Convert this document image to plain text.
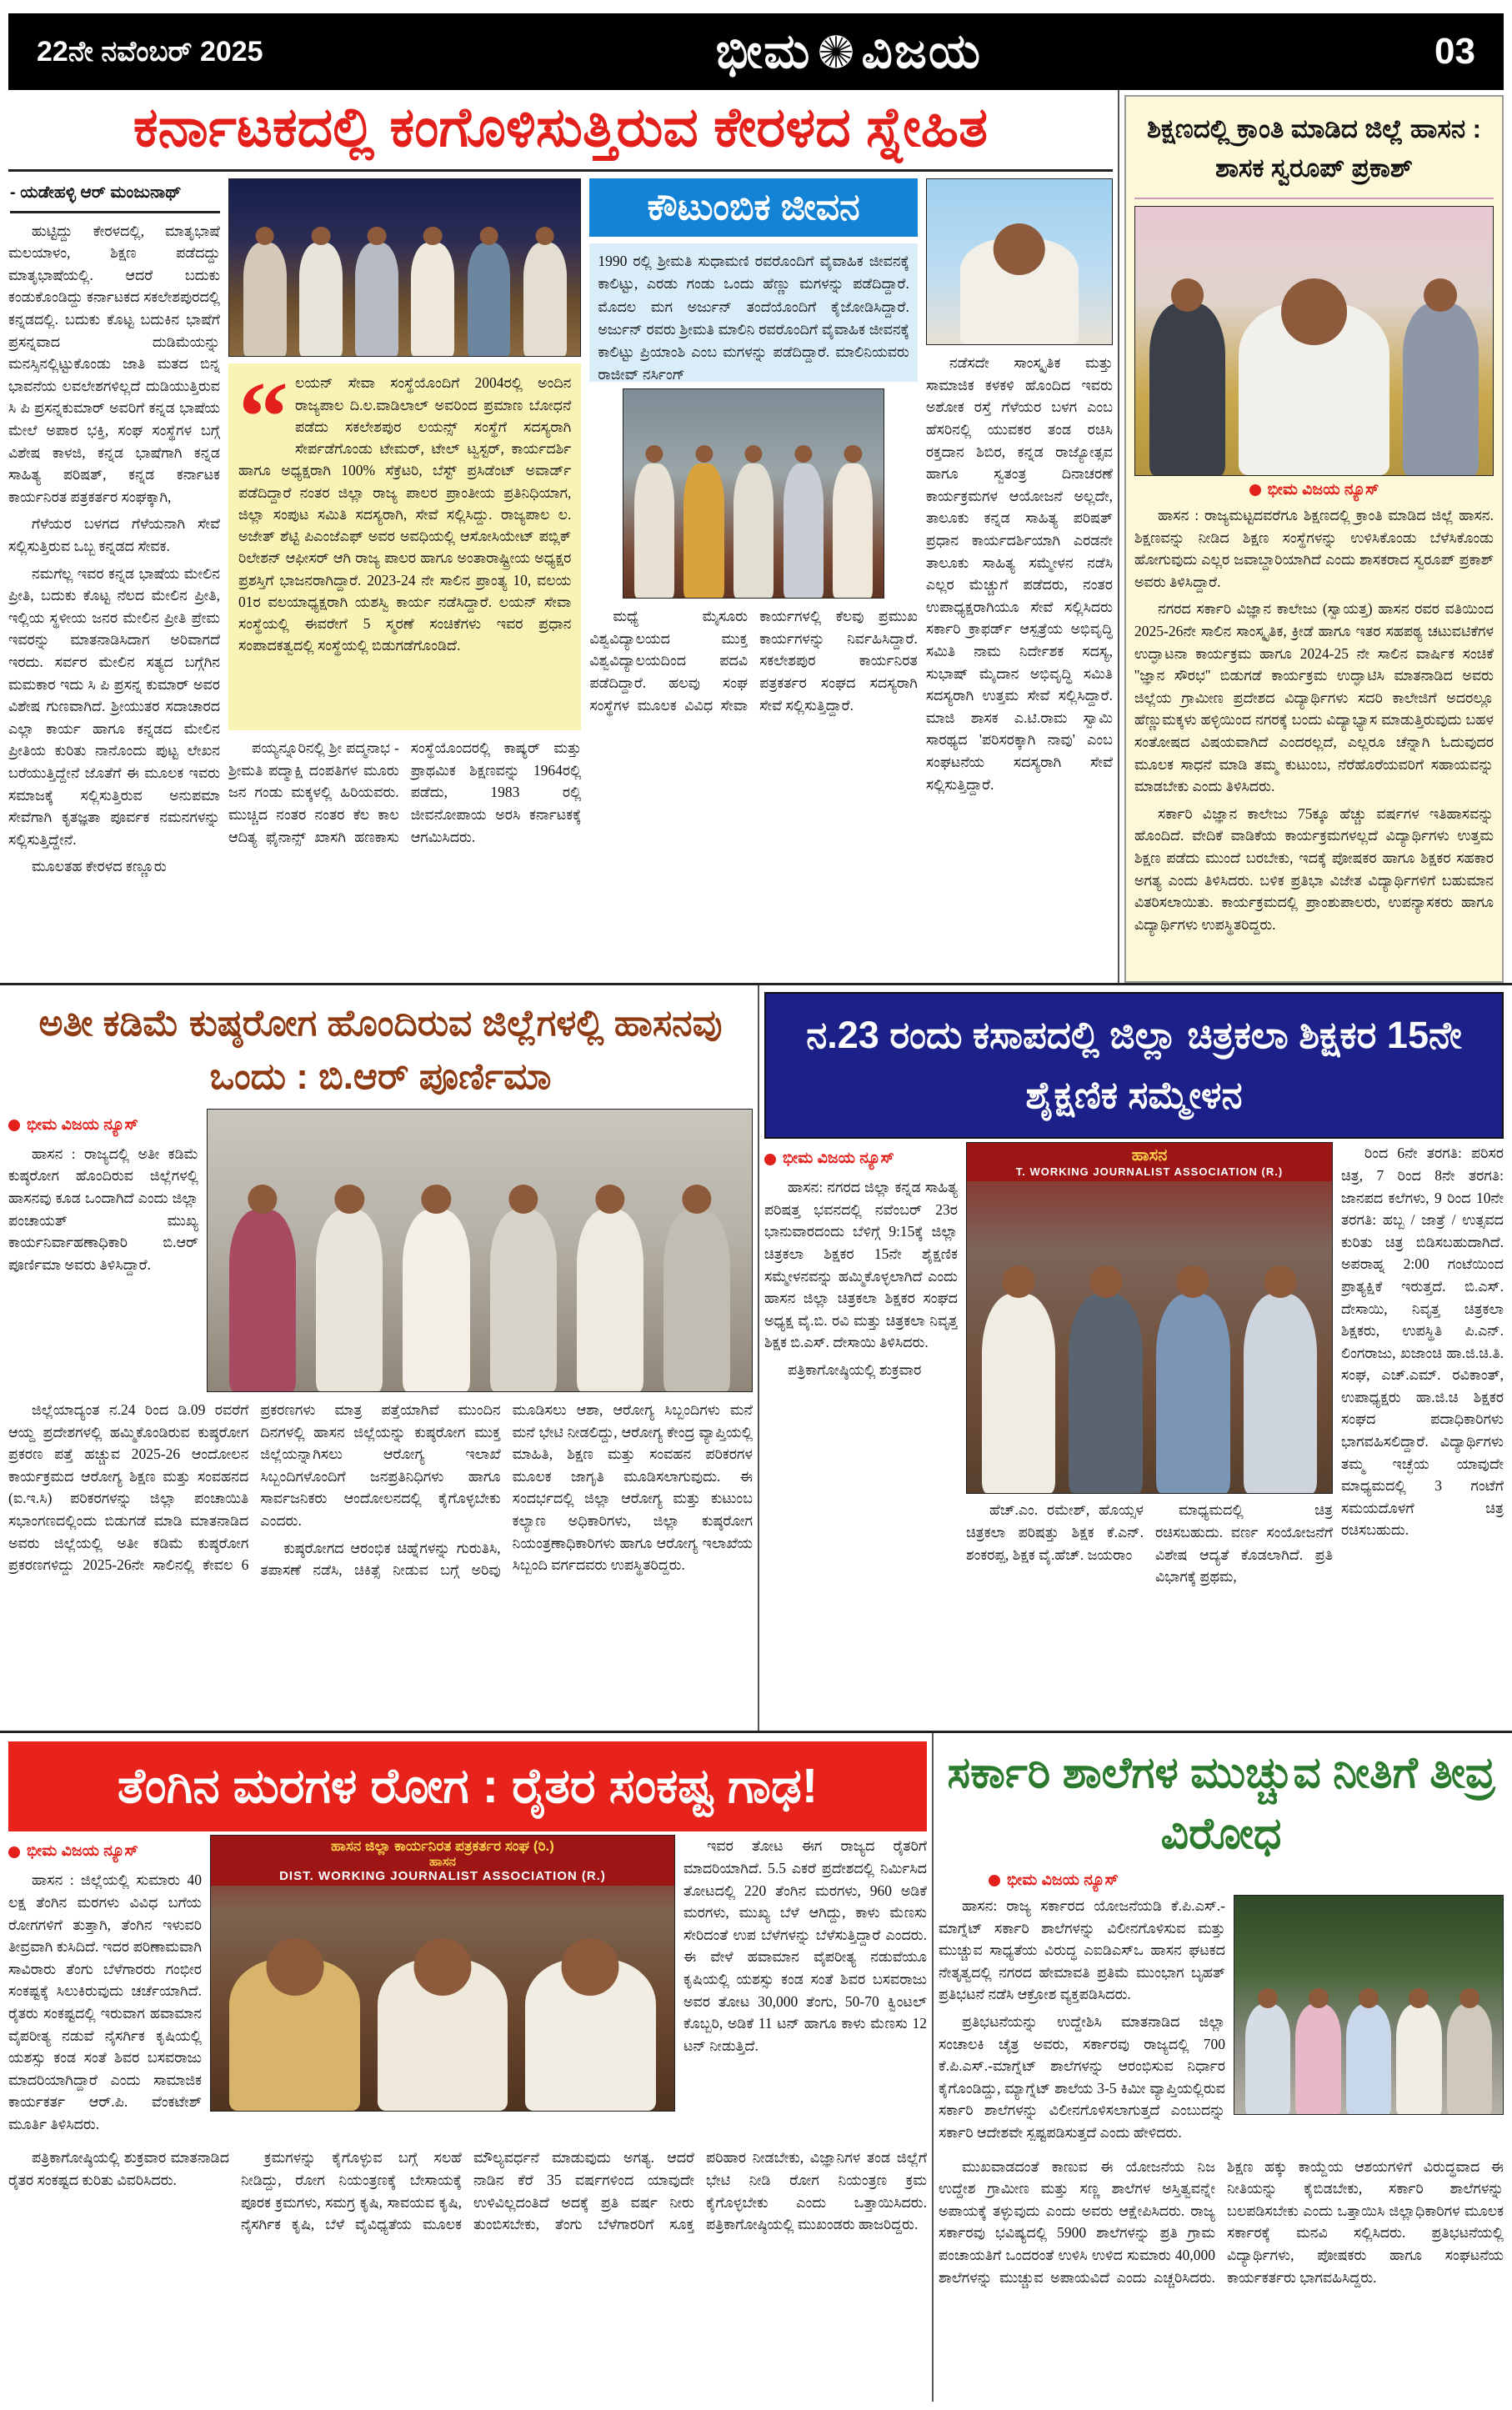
22ನೇ ನವೆಂಬರ್ 2025	ಭೀಮ ವಿಜಯ	03
ಕರ್ನಾಟಕದಲ್ಲಿ ಕಂಗೊಳಿಸುತ್ತಿರುವ ಕೇರಳದ ಸ್ನೇಹಿತ
- ಯಡೇಹಳ್ಳಿ ಆರ್ ಮಂಜುನಾಥ್

ಹುಟ್ಟಿದ್ದು ಕೇರಳದಲ್ಲಿ, ಮಾತೃಭಾಷೆ ಮಲಯಾಳಂ, ಶಿಕ್ಷಣ ಪಡೆದದ್ದು ಮಾತೃಭಾಷೆಯಲ್ಲಿ. ಆದರೆ ಬದುಕು ಕಂಡುಕೊಂಡಿದ್ದು ಕರ್ನಾಟಕದ ಸಕಲೇಶಪುರದಲ್ಲಿ ಕನ್ನಡದಲ್ಲಿ. ಬದುಕು ಕೊಟ್ಟ ಬದುಕಿನ ಭಾಷೆಗೆ ಪ್ರಸನ್ನವಾದ ದುಡಿಮೆಯನ್ನು ಮನಸ್ಸಿನಲ್ಲಿಟ್ಟುಕೊಂಡು ಜಾತಿ ಮತದ ಬಿನ್ನ ಭಾವನೆಯ ಲವಲೇಶಗಳಿಲ್ಲದೆ ದುಡಿಯುತ್ತಿರುವ ಸಿ ಪಿ ಪ್ರಸನ್ನಕುಮಾರ್ ಅವರಿಗೆ ಕನ್ನಡ ಭಾಷೆಯ ಮೇಲೆ ಅಪಾರ ಭಕ್ತಿ, ಸಂಘ ಸಂಸ್ಥೆಗಳ ಬಗ್ಗೆ ವಿಶೇಷ ಕಾಳಜಿ, ಕನ್ನಡ ಭಾಷೆಗಾಗಿ ಕನ್ನಡ ಸಾಹಿತ್ಯ ಪರಿಷತ್, ಕನ್ನಡ ಕರ್ನಾಟಕ ಕಾರ್ಯನಿರತ ಪತ್ರಕರ್ತರ ಸಂಘಕ್ಕಾಗಿ,

ಗೆಳೆಯರ ಬಳಗದ ಗೆಳೆಯನಾಗಿ ಸೇವೆ ಸಲ್ಲಿಸುತ್ತಿರುವ ಒಬ್ಬ ಕನ್ನಡದ ಸೇವಕ.

ನಮಗೆಲ್ಲ ಇವರ ಕನ್ನಡ ಭಾಷೆಯ ಮೇಲಿನ ಪ್ರೀತಿ, ಬದುಕು ಕೊಟ್ಟ ನೆಲದ ಮೇಲಿನ ಪ್ರೀತಿ, ಇಲ್ಲಿಯ ಸ್ಥಳೀಯ ಜನರ ಮೇಲಿನ ಪ್ರೀತಿ ಪ್ರೇಮ ಇವರನ್ನು ಮಾತನಾಡಿಸಿದಾಗ ಅರಿವಾಗದೆ ಇರದು. ಸರ್ವರ ಮೇಲಿನ ಸತ್ಯದ ಬಗ್ಗೆಗಿನ ಮಮಕಾರ ಇದು ಸಿ ಪಿ ಪ್ರಸನ್ನ ಕುಮಾರ್ ಅವರ ವಿಶೇಷ ಗುಣವಾಗಿದೆ. ಶ್ರೀಯುತರ ಸದಾಚಾರದ ಎಲ್ಲಾ ಕಾರ್ಯ ಹಾಗೂ ಕನ್ನಡದ ಮೇಲಿನ ಪ್ರೀತಿಯ ಕುರಿತು ನಾನೊಂದು ಪುಟ್ಟ ಲೇಖನ ಬರೆಯುತ್ತಿದ್ದೇನೆ ಜೊತೆಗೆ ಈ ಮೂಲಕ ಇವರು ಸಮಾಜಕ್ಕೆ ಸಲ್ಲಿಸುತ್ತಿರುವ ಅನುಪಮಾ ಸೇವೆಗಾಗಿ ಕೃತಜ್ಞತಾ ಪೂರ್ವಕ ನಮನಗಳನ್ನು ಸಲ್ಲಿಸುತ್ತಿದ್ದೇನೆ.

ಮೂಲತಹ ಕೇರಳದ ಕಣ್ಣೂರು

“ ಲಯನ್ ಸೇವಾ ಸಂಸ್ಥೆಯೊಂದಿಗೆ 2004ರಲ್ಲಿ ಅಂದಿನ ರಾಜ್ಯಪಾಲ ದಿ.ಲ.ವಾಡಿಲಾಲ್ ಅವರಿಂದ ಪ್ರಮಾಣ ಬೋಧನೆ ಪಡೆದು ಸಕಲೇಶಪುರ ಲಯನ್ಸ್ ಸಂಸ್ಥೆಗೆ ಸದಸ್ಯರಾಗಿ ಸೇರ್ಪಡೆಗೊಂಡು ಟೇಮರ್, ಟೇಲ್ ಟ್ವಸ್ಟರ್, ಕಾರ್ಯದರ್ಶಿ ಹಾಗೂ ಅಧ್ಯಕ್ಷರಾಗಿ 100% ಸೆಕ್ರೆಟರಿ, ಬೆಸ್ಟ್ ಪ್ರಸಿಡೆಂಟ್ ಅವಾರ್ಡ್ ಪಡೆದಿದ್ದಾರೆ ನಂತರ ಜಿಲ್ಲಾ ರಾಜ್ಯ ಪಾಲರ ಪ್ರಾಂತೀಯ ಪ್ರತಿನಿಧಿಯಾಗ, ಜಿಲ್ಲಾ ಸಂಪುಟ ಸಮಿತಿ ಸದಸ್ಯರಾಗಿ, ಸೇವೆ ಸಲ್ಲಿಸಿದ್ದು. ರಾಜ್ಯಪಾಲ ಲ. ಅಜೇತ್ ಶೆಟ್ಟಿ ಪಿಎಂಜೆಎಫ್ ಅವರ ಅವಧಿಯಲ್ಲಿ ಆಸೋಸಿಯೇಟ್ ಪಬ್ಲಿಕ್ ರಿಲೇಶನ್ ಆಫೀಸರ್ ಆಗಿ ರಾಜ್ಯ ಪಾಲರ ಹಾಗೂ ಅಂತಾರಾಷ್ಟ್ರೀಯ ಅಧ್ಯಕ್ಷರ ಪ್ರಶಸ್ತಿಗೆ ಭಾಜನರಾಗಿದ್ದಾರೆ. 2023-24 ನೇ ಸಾಲಿನ ಪ್ರಾಂತ್ಯ 10, ವಲಯ 01ರ ವಲಯಾಧ್ಯಕ್ಷರಾಗಿ ಯಶಸ್ವಿ ಕಾರ್ಯ ನಡೆಸಿದ್ದಾರೆ. ಲಯನ್ ಸೇವಾ ಸಂಸ್ಥೆಯಲ್ಲಿ ಈವರೇಗೆ 5 ಸ್ಮರಣೆ ಸಂಚಿಕೆಗಳು ಇವರ ಪ್ರಧಾನ ಸಂಪಾದಕತ್ವದಲ್ಲಿ ಸಂಸ್ಥೆಯಲ್ಲಿ ಬಿಡುಗಡೆಗೊಂಡಿದೆ.

ಪಯ್ಯನ್ನೂರಿನಲ್ಲಿ ಶ್ರೀ ಪದ್ಮನಾಭ - ಶ್ರೀಮತಿ ಪದ್ಮಾಕ್ಷಿ ದಂಪತಿಗಳ ಮೂರು ಜನ ಗಂಡು ಮಕ್ಕಳಲ್ಲಿ ಹಿರಿಯವರು. ಮುಚ್ಚಿದ ನಂತರ ನಂತರ ಕೆಲ ಕಾಲ ಆದಿತ್ಯ ಫೈನಾನ್ಸ್ ಖಾಸಗಿ ಹಣಕಾಸು ಸಂಸ್ಥೆಯೊಂದರಲ್ಲಿ ಕಾಷ್ಯರ್ ಮತ್ತು ಪ್ರಾಥಮಿಕ ಶಿಕ್ಷಣವನ್ನು 1964ರಲ್ಲಿ ಪಡೆದು, 1983 ರಲ್ಲಿ ಜೀವನೋಪಾಯ ಅರಸಿ ಕರ್ನಾಟಕಕ್ಕೆ ಆಗಮಿಸಿದರು.

ಕೌಟುಂಬಿಕ ಜೀವನ
1990 ರಲ್ಲಿ ಶ್ರೀಮತಿ ಸುಧಾಮಣಿ ರವರೊಂದಿಗೆ ವೈವಾಹಿಕ ಜೀವನಕ್ಕೆ ಕಾಲಿಟ್ಟು, ಎರಡು ಗಂಡು ಒಂದು ಹೆಣ್ಣು ಮಗಳನ್ನು ಪಡೆದಿದ್ದಾರೆ. ಮೊದಲ ಮಗ ಅರ್ಜುನ್ ತಂದೆಯೊಂದಿಗೆ ಕೈಜೋಡಿಸಿದ್ದಾರೆ. ಅರ್ಜುನ್ ರವರು ಶ್ರೀಮತಿ ಮಾಲಿನಿ ರವರೊಂದಿಗೆ ವೈವಾಹಿಕ ಜೀವನಕ್ಕೆ ಕಾಲಿಟ್ಟು ಪ್ರಿಯಾಂಶಿ ಎಂಬ ಮಗಳನ್ನು ಪಡೆದಿದ್ದಾರೆ. ಮಾಲಿನಿಯವರು ರಾಜೀವ್ ನರ್ಸಿಂಗ್

ಮಧ್ಯೆ ಮೈಸೂರು ವಿಶ್ವವಿದ್ಯಾಲಯದ ಮುಕ್ತ ವಿಶ್ವವಿದ್ಯಾಲಯದಿಂದ ಪದವಿ ಪಡೆದಿದ್ದಾರೆ. ಹಲವು ಸಂಘ ಸಂಸ್ಥೆಗಳ ಮೂಲಕ ವಿವಿಧ ಸೇವಾ ಕಾರ್ಯಗಳಲ್ಲಿ ಕೆಲವು ಪ್ರಮುಖ ಕಾರ್ಯಗಳನ್ನು ನಿರ್ವಹಿಸಿದ್ದಾರೆ. ಸಕಲೇಶಪುರ ಕಾರ್ಯನಿರತ ಪತ್ರಕರ್ತರ ಸಂಘದ ಸದಸ್ಯರಾಗಿ ಸೇವೆ ಸಲ್ಲಿಸುತ್ತಿದ್ದಾರೆ.

ನಡೆಸದೇ ಸಾಂಸ್ಕೃತಿಕ ಮತ್ತು ಸಾಮಾಜಿಕ ಕಳಕಳಿ ಹೊಂದಿದ ಇವರು ಅಶೋಕ ರಸ್ತೆ ಗೆಳೆಯರ ಬಳಗ ಎಂಬ ಹೆಸರಿನಲ್ಲಿ ಯುವಕರ ತಂಡ ರಚಿಸಿ ರಕ್ತದಾನ ಶಿಬಿರ, ಕನ್ನಡ ರಾಜ್ಯೋತ್ಸವ ಹಾಗೂ ಸ್ವತಂತ್ರ ದಿನಾಚರಣೆ ಕಾರ್ಯಕ್ರಮಗಳ ಆಯೋಜನೆ ಅಲ್ಲದೇ, ತಾಲೂಕು ಕನ್ನಡ ಸಾಹಿತ್ಯ ಪರಿಷತ್ ಪ್ರಧಾನ ಕಾರ್ಯದರ್ಶಿಯಾಗಿ ಎರಡನೇ ತಾಲೂಕು ಸಾಹಿತ್ಯ ಸಮ್ಮೇಳನ ನಡೆಸಿ ಎಲ್ಲರ ಮೆಚ್ಚುಗೆ ಪಡೆದರು, ನಂತರ ಉಪಾಧ್ಯಕ್ಷರಾಗಿಯೂ ಸೇವೆ ಸಲ್ಲಿಸಿದರು ಸರ್ಕಾರಿ ಕ್ರಾಫರ್ಡ್ ಆಸ್ಪತ್ರೆಯ ಅಭಿವೃದ್ಧಿ ಸಮಿತಿ ನಾಮ ನಿರ್ದೇಶಕ ಸದಸ್ಯ, ಸುಭಾಷ್ ಮೈದಾನ ಅಭಿವೃದ್ಧಿ ಸಮಿತಿ ಸದಸ್ಯರಾಗಿ ಉತ್ತಮ ಸೇವೆ ಸಲ್ಲಿಸಿದ್ದಾರೆ. ಮಾಜಿ ಶಾಸಕ ಎ.ಟಿ.ರಾಮ ಸ್ವಾಮಿ ಸಾರಥ್ಯದ 'ಪರಿಸರಕ್ಕಾಗಿ ನಾವು' ಎಂಬ ಸಂಘಟನೆಯ ಸದಸ್ಯರಾಗಿ ಸೇವೆ ಸಲ್ಲಿಸುತ್ತಿದ್ದಾರೆ.

ಶಿಕ್ಷಣದಲ್ಲಿ ಕ್ರಾಂತಿ ಮಾಡಿದ ಜಿಲ್ಲೆ ಹಾಸನ : ಶಾಸಕ ಸ್ವರೂಪ್ ಪ್ರಕಾಶ್
ಭೀಮ ವಿಜಯ ನ್ಯೂಸ್

ಹಾಸನ : ರಾಜ್ಯಮಟ್ಟದವರೆಗೂ ಶಿಕ್ಷಣದಲ್ಲಿ ಕ್ರಾಂತಿ ಮಾಡಿದ ಜಿಲ್ಲೆ ಹಾಸನ. ಶಿಕ್ಷಣವನ್ನು ನೀಡಿದ ಶಿಕ್ಷಣ ಸಂಸ್ಥೆಗಳನ್ನು ಉಳಿಸಿಕೊಂಡು ಬೆಳೆಸಿಕೊಂಡು ಹೋಗುವುದು ಎಲ್ಲರ ಜವಾಬ್ದಾರಿಯಾಗಿದೆ ಎಂದು ಶಾಸಕರಾದ ಸ್ವರೂಪ್ ಪ್ರಕಾಶ್ ಅವರು ತಿಳಿಸಿದ್ದಾರೆ.

ನಗರದ ಸರ್ಕಾರಿ ವಿಜ್ಞಾನ ಕಾಲೇಜು (ಸ್ವಾಯತ್ತ) ಹಾಸನ ರವರ ವತಿಯಿಂದ 2025-26ನೇ ಸಾಲಿನ ಸಾಂಸ್ಕೃತಿಕ, ಕ್ರೀಡೆ ಹಾಗೂ ಇತರ ಸಹಪಠ್ಯ ಚಟುವಟಿಕೆಗಳ ಉದ್ಘಾಟನಾ ಕಾರ್ಯಕ್ರಮ ಹಾಗೂ 2024-25 ನೇ ಸಾಲಿನ ವಾರ್ಷಿಕ ಸಂಚಿಕೆ ''ಜ್ಞಾನ ಸೌರಭ'' ಬಿಡುಗಡೆ ಕಾರ್ಯಕ್ರಮ ಉದ್ಘಾಟಿಸಿ ಮಾತನಾಡಿದ ಅವರು ಜಿಲ್ಲೆಯ ಗ್ರಾಮೀಣ ಪ್ರದೇಶದ ವಿದ್ಯಾರ್ಥಿಗಳು ಸದರಿ ಕಾಲೇಜಿಗೆ ಅದರಲ್ಲೂ ಹೆಣ್ಣುಮಕ್ಕಳು ಹಳ್ಳಿಯಿಂದ ನಗರಕ್ಕೆ ಬಂದು ವಿದ್ಯಾಭ್ಯಾಸ ಮಾಡುತ್ತಿರುವುದು ಬಹಳ ಸಂತೋಷದ ವಿಷಯವಾಗಿದೆ ಎಂದರಲ್ಲದೆ, ಎಲ್ಲರೂ ಚೆನ್ನಾಗಿ ಓದುವುದರ ಮೂಲಕ ಸಾಧನೆ ಮಾಡಿ ತಮ್ಮ ಕುಟುಂಬ, ನೆರೆಹೊರೆಯವರಿಗೆ ಸಹಾಯವನ್ನು ಮಾಡಬೇಕು ಎಂದು ತಿಳಿಸಿದರು.

ಸರ್ಕಾರಿ ವಿಜ್ಞಾನ ಕಾಲೇಜು 75ಕ್ಕೂ ಹೆಚ್ಚು ವರ್ಷಗಳ ಇತಿಹಾಸವನ್ನು ಹೊಂದಿದೆ. ವೇದಿಕೆ ವಾಡಿಕೆಯ ಕಾರ್ಯಕ್ರಮಗಳಲ್ಲದೆ ವಿದ್ಯಾರ್ಥಿಗಳು ಉತ್ತಮ ಶಿಕ್ಷಣ ಪಡೆದು ಮುಂದೆ ಬರಬೇಕು, ಇದಕ್ಕೆ ಪೋಷಕರ ಹಾಗೂ ಶಿಕ್ಷಕರ ಸಹಕಾರ ಅಗತ್ಯ ಎಂದು ತಿಳಿಸಿದರು. ಬಳಿಕ ಪ್ರತಿಭಾ ವಿಜೇತ ವಿದ್ಯಾರ್ಥಿಗಳಿಗೆ ಬಹುಮಾನ ವಿತರಿಸಲಾಯಿತು. ಕಾರ್ಯಕ್ರಮದಲ್ಲಿ ಪ್ರಾಂಶುಪಾಲರು, ಉಪನ್ಯಾಸಕರು ಹಾಗೂ ವಿದ್ಯಾರ್ಥಿಗಳು ಉಪಸ್ಥಿತರಿದ್ದರು.

ಅತೀ ಕಡಿಮೆ ಕುಷ್ಠರೋಗ ಹೊಂದಿರುವ ಜಿಲ್ಲೆಗಳಲ್ಲಿ ಹಾಸನವು ಒಂದು : ಬಿ.ಆರ್ ಪೂರ್ಣಿಮಾ
ಭೀಮ ವಿಜಯ ನ್ಯೂಸ್

ಹಾಸನ : ರಾಜ್ಯದಲ್ಲಿ ಅತೀ ಕಡಿಮೆ ಕುಷ್ಠರೋಗ ಹೊಂದಿರುವ ಜಿಲ್ಲೆಗಳಲ್ಲಿ ಹಾಸನವು ಕೂಡ ಒಂದಾಗಿದೆ ಎಂದು ಜಿಲ್ಲಾ ಪಂಚಾಯತ್ ಮುಖ್ಯ ಕಾರ್ಯನಿರ್ವಾಹಣಾಧಿಕಾರಿ ಬಿ.ಆರ್ ಪೂರ್ಣಿಮಾ ಅವರು ತಿಳಿಸಿದ್ದಾರೆ.

ಜಿಲ್ಲೆಯಾದ್ಯಂತ ನ.24 ರಿಂದ ಡಿ.09 ರವರೆಗೆ ಆಯ್ದ ಪ್ರದೇಶಗಳಲ್ಲಿ ಹಮ್ಮಿಕೊಂಡಿರುವ ಕುಷ್ಠರೋಗ ಪ್ರಕರಣ ಪತ್ತೆ ಹಚ್ಚುವ 2025-26 ಆಂದೋಲನ ಕಾರ್ಯಕ್ರಮದ ಆರೋಗ್ಯ ಶಿಕ್ಷಣ ಮತ್ತು ಸಂವಹನದ (ಐ.ಇ.ಸಿ) ಪರಿಕರಗಳನ್ನು ಜಿಲ್ಲಾ ಪಂಚಾಯಿತಿ ಸಭಾಂಗಣದಲ್ಲಿಂದು ಬಿಡುಗಡೆ ಮಾಡಿ ಮಾತನಾಡಿದ ಅವರು ಜಿಲ್ಲೆಯಲ್ಲಿ ಅತೀ ಕಡಿಮೆ ಕುಷ್ಠರೋಗ ಪ್ರಕರಣಗಳಿದ್ದು 2025-26ನೇ ಸಾಲಿನಲ್ಲಿ ಕೇವಲ 6 ಪ್ರಕರಣಗಳು ಮಾತ್ರ ಪತ್ತೆಯಾಗಿವೆ ಮುಂದಿನ ದಿನಗಳಲ್ಲಿ ಹಾಸನ ಜಿಲ್ಲೆಯನ್ನು ಕುಷ್ಠರೋಗ ಮುಕ್ತ ಜಿಲ್ಲೆಯನ್ನಾಗಿಸಲು ಆರೋಗ್ಯ ಇಲಾಖೆ ಸಿಬ್ಬಂದಿಗಳೊಂದಿಗೆ ಜನಪ್ರತಿನಿಧಿಗಳು ಹಾಗೂ ಸಾರ್ವಜನಿಕರು ಆಂದೋಲನದಲ್ಲಿ ಕೈಗೊಳ್ಳಬೇಕು ಎಂದರು.

ಕುಷ್ಠರೋಗದ ಆರಂಭಿಕ ಚಿಹ್ನೆಗಳನ್ನು ಗುರುತಿಸಿ, ತಪಾಸಣೆ ನಡೆಸಿ, ಚಿಕಿತ್ಸೆ ನೀಡುವ ಬಗ್ಗೆ ಅರಿವು ಮೂಡಿಸಲು ಆಶಾ, ಆರೋಗ್ಯ ಸಿಬ್ಬಂದಿಗಳು ಮನೆ ಮನೆ ಭೇಟಿ ನೀಡಲಿದ್ದು, ಆರೋಗ್ಯ ಕೇಂದ್ರ ವ್ಯಾಪ್ತಿಯಲ್ಲಿ ಮಾಹಿತಿ, ಶಿಕ್ಷಣ ಮತ್ತು ಸಂವಹನ ಪರಿಕರಗಳ ಮೂಲಕ ಜಾಗೃತಿ ಮೂಡಿಸಲಾಗುವುದು. ಈ ಸಂದರ್ಭದಲ್ಲಿ ಜಿಲ್ಲಾ ಆರೋಗ್ಯ ಮತ್ತು ಕುಟುಂಬ ಕಲ್ಯಾಣ ಅಧಿಕಾರಿಗಳು, ಜಿಲ್ಲಾ ಕುಷ್ಠರೋಗ ನಿಯಂತ್ರಣಾಧಿಕಾರಿಗಳು ಹಾಗೂ ಆರೋಗ್ಯ ಇಲಾಖೆಯ ಸಿಬ್ಬಂದಿ ವರ್ಗದವರು ಉಪಸ್ಥಿತರಿದ್ದರು.

ನ.23 ರಂದು ಕಸಾಪದಲ್ಲಿ ಜಿಲ್ಲಾ ಚಿತ್ರಕಲಾ ಶಿಕ್ಷಕರ 15ನೇ ಶೈಕ್ಷಣಿಕ ಸಮ್ಮೇಳನ
ಭೀಮ ವಿಜಯ ನ್ಯೂಸ್

ಹಾಸನ: ನಗರದ ಜಿಲ್ಲಾ ಕನ್ನಡ ಸಾಹಿತ್ಯ ಪರಿಷತ್ತ ಭವನದಲ್ಲಿ ನವೆಂಬರ್ 23ರ ಭಾನುವಾರದಂದು ಬೆಳಿಗ್ಗೆ 9:15ಕ್ಕೆ ಜಿಲ್ಲಾ ಚಿತ್ರಕಲಾ ಶಿಕ್ಷಕರ 15ನೇ ಶೈಕ್ಷಣಿಕ ಸಮ್ಮೇಳನವನ್ನು ಹಮ್ಮಿಕೊಳ್ಳಲಾಗಿದೆ ಎಂದು ಹಾಸನ ಜಿಲ್ಲಾ ಚಿತ್ರಕಲಾ ಶಿಕ್ಷಕರ ಸಂಘದ ಅಧ್ಯಕ್ಷ ವೈ.ಬಿ. ರವಿ ಮತ್ತು ಚಿತ್ರಕಲಾ ನಿವೃತ್ತ ಶಿಕ್ಷಕ ಬಿ.ಎಸ್. ದೇಸಾಯಿ ತಿಳಿಸಿದರು.

ಪತ್ರಿಕಾಗೋಷ್ಠಿಯಲ್ಲಿ ಶುಕ್ರವಾರ

ಹಾಸನ
T. WORKING JOURNALIST ASSOCIATION (R.)

ಹೆಚ್.ಎಂ. ರಮೇಶ್, ಹೊಯ್ಸಳ ಚಿತ್ರಕಲಾ ಪರಿಷತ್ತು ಶಿಕ್ಷಕ ಕೆ.ಎನ್. ಶಂಕರಪ್ಪ, ಶಿಕ್ಷಕ ವೈ.ಹೆಚ್. ಜಯರಾಂ

ಮಾಧ್ಯಮದಲ್ಲಿ ಚಿತ್ರ ರಚಿಸಬಹುದು. ವರ್ಣ ಸಂಯೋಜನೆಗೆ ವಿಶೇಷ ಆದ್ಯತೆ ಕೊಡಲಾಗಿದೆ. ಪ್ರತಿ ವಿಭಾಗಕ್ಕೆ ಪ್ರಥಮ,

ರಿಂದ 6ನೇ ತರಗತಿ: ಪರಿಸರ ಚಿತ್ರ, 7 ರಿಂದ 8ನೇ ತರಗತಿ: ಜಾನಪದ ಕಲೆಗಳು, 9 ರಿಂದ 10ನೇ ತರಗತಿ: ಹಬ್ಬ / ಜಾತ್ರೆ / ಉತ್ಸವದ ಕುರಿತು ಚಿತ್ರ ಬಿಡಿಸಬಹುದಾಗಿದೆ. ಅಪರಾಹ್ನ 2:00 ಗಂಟೆಯಿಂದ ಪ್ರಾತ್ಯಕ್ಷಿಕೆ ಇರುತ್ತದೆ. ಬಿ.ಎಸ್. ದೇಸಾಯಿ, ನಿವೃತ್ತ ಚಿತ್ರಕಲಾ ಶಿಕ್ಷಕರು, ಉಪಸ್ಥಿತಿ ಪಿ.ಎನ್. ಲಿಂಗರಾಜು, ಖಜಾಂಚಿ ಹಾ.ಜಿ.ಚಿ.ತಿ. ಸಂಘ, ಎಚ್.ಎಮ್. ರವಿಕಾಂತ್, ಉಪಾಧ್ಯಕ್ಷರು ಹಾ.ಜಿ.ಚಿ ಶಿಕ್ಷಕರ ಸಂಘದ ಪದಾಧಿಕಾರಿಗಳು ಭಾಗವಹಿಸಲಿದ್ದಾರೆ. ವಿದ್ಯಾರ್ಥಿಗಳು ತಮ್ಮ ಇಚ್ಛೆಯ ಯಾವುದೇ ಮಾಧ್ಯಮದಲ್ಲಿ 3 ಗಂಟೆಗೆ ಸಮಯದೊಳಗೆ ಚಿತ್ರ ರಚಿಸಬಹುದು.

ತೆಂಗಿನ ಮರಗಳ ರೋಗ : ರೈತರ ಸಂಕಷ್ಟ ಗಾಢ!
ಭೀಮ ವಿಜಯ ನ್ಯೂಸ್

ಹಾಸನ : ಜಿಲ್ಲೆಯಲ್ಲಿ ಸುಮಾರು 40 ಲಕ್ಷ ತೆಂಗಿನ ಮರಗಳು ವಿವಿಧ ಬಗೆಯ ರೋಗಗಳಿಗೆ ತುತ್ತಾಗಿ, ತೆಂಗಿನ ಇಳುವರಿ ತೀವ್ರವಾಗಿ ಕುಸಿದಿದೆ. ಇದರ ಪರಿಣಾಮವಾಗಿ ಸಾವಿರಾರು ತೆಂಗು ಬೆಳೆಗಾರರು ಗಂಭೀರ ಸಂಕಷ್ಟಕ್ಕೆ ಸಿಲುಕಿರುವುದು ಚರ್ಚೆಯಾಗಿದೆ. ರೈತರು ಸಂಕಷ್ಟದಲ್ಲಿ ಇರುವಾಗ ಹವಾಮಾನ ವೈಪರೀತ್ಯ ನಡುವೆ ನೈಸರ್ಗಿಕ ಕೃಷಿಯಲ್ಲಿ ಯಶಸ್ಸು ಕಂಡ ಸಂತೆ ಶಿವರ ಬಸವರಾಜು ಮಾದರಿಯಾಗಿದ್ದಾರೆ ಎಂದು ಸಾಮಾಜಿಕ ಕಾರ್ಯಕರ್ತ ಆರ್.ಪಿ. ವೆಂಕಟೇಶ್ ಮೂರ್ತಿ ತಿಳಿಸಿದರು.

ಹಾಸನ ಜಿಲ್ಲಾ ಕಾರ್ಯನಿರತ ಪತ್ರಕರ್ತರ ಸಂಘ (ರಿ.)
ಹಾಸನ
DIST. WORKING JOURNALIST ASSOCIATION (R.)

ಇವರ ತೋಟ ಈಗ ರಾಜ್ಯದ ರೈತರಿಗೆ ಮಾದರಿಯಾಗಿದೆ. 5.5 ಎಕರೆ ಪ್ರದೇಶದಲ್ಲಿ ನಿರ್ಮಿಸಿದ ತೋಟದಲ್ಲಿ 220 ತೆಂಗಿನ ಮರಗಳು, 960 ಅಡಿಕೆ ಮರಗಳು, ಮುಖ್ಯ ಬೆಳೆ ಆಗಿದ್ದು, ಕಾಳು ಮೆಣಸು ಸೇರಿದಂತೆ ಉಪ ಬೆಳೆಗಳನ್ನು ಬೆಳೆಸುತ್ತಿದ್ದಾರೆ ಎಂದರು. ಈ ವೇಳೆ ಹವಾಮಾನ ವೈಪರೀತ್ಯ ನಡುವೆಯೂ ಕೃಷಿಯಲ್ಲಿ ಯಶಸ್ಸು ಕಂಡ ಸಂತೆ ಶಿವರ ಬಸವರಾಜು ಅವರ ತೋಟ 30,000 ತೆಂಗು, 50-70 ಕ್ವಿಂಟಲ್ ಕೊಬ್ಬರಿ, ಅಡಿಕೆ 11 ಟನ್ ಹಾಗೂ ಕಾಳು ಮೆಣಸು 12 ಟನ್ ನೀಡುತ್ತಿದೆ.

ಪತ್ರಿಕಾಗೋಷ್ಠಿಯಲ್ಲಿ ಶುಕ್ರವಾರ ಮಾತನಾಡಿದ ರೈತರ ಸಂಕಷ್ಟದ ಕುರಿತು ವಿವರಿಸಿದರು.

ಕ್ರಮಗಳನ್ನು ಕೈಗೊಳ್ಳುವ ಬಗ್ಗೆ ಸಲಹೆ ನೀಡಿದ್ದು, ರೋಗ ನಿಯಂತ್ರಣಕ್ಕೆ ಬೇಸಾಯಕ್ಕೆ ಪೂರಕ ಕ್ರಮಗಳು, ಸಮಗ್ರ ಕೃಷಿ, ಸಾವಯವ ಕೃಷಿ, ನೈಸರ್ಗಿಕ ಕೃಷಿ, ಬೆಳೆ ವೈವಿಧ್ಯತೆಯ ಮೂಲಕ ಮೌಲ್ಯವರ್ಧನೆ ಮಾಡುವುದು ಅಗತ್ಯ. ಆದರೆ ನಾಡಿನ ಕೆರೆ 35 ವರ್ಷಗಳಿಂದ ಯಾವುದೇ ಉಳಿವಿಲ್ಲದಂತಿದೆ ಅದಕ್ಕೆ ಪ್ರತಿ ವರ್ಷ ನೀರು ತುಂಬಿಸಬೇಕು, ತೆಂಗು ಬೆಳೆಗಾರರಿಗೆ ಸೂಕ್ತ ಪರಿಹಾರ ನೀಡಬೇಕು, ವಿಜ್ಞಾನಿಗಳ ತಂಡ ಜಿಲ್ಲೆಗೆ ಭೇಟಿ ನೀಡಿ ರೋಗ ನಿಯಂತ್ರಣ ಕ್ರಮ ಕೈಗೊಳ್ಳಬೇಕು ಎಂದು ಒತ್ತಾಯಿಸಿದರು. ಪತ್ರಿಕಾಗೋಷ್ಠಿಯಲ್ಲಿ ಮುಖಂಡರು ಹಾಜರಿದ್ದರು.

ಸರ್ಕಾರಿ ಶಾಲೆಗಳ ಮುಚ್ಚುವ ನೀತಿಗೆ ತೀವ್ರ ವಿರೋಧ
ಭೀಮ ವಿಜಯ ನ್ಯೂಸ್

ಹಾಸನ: ರಾಜ್ಯ ಸರ್ಕಾರದ ಯೋಜನೆಯಡಿ ಕೆ.ಪಿ.ಎಸ್.-ಮಾಗ್ನೆಟ್ ಸರ್ಕಾರಿ ಶಾಲೆಗಳನ್ನು ವಿಲೀನಗೊಳಿಸುವ ಮತ್ತು ಮುಚ್ಚುವ ಸಾಧ್ಯತೆಯ ವಿರುದ್ಧ ಎಐಡಿಎಸ್ಒ ಹಾಸನ ಘಟಕದ ನೇತೃತ್ವದಲ್ಲಿ ನಗರದ ಹೇಮಾವತಿ ಪ್ರತಿಮೆ ಮುಂಭಾಗ ಬೃಹತ್ ಪ್ರತಿಭಟನೆ ನಡೆಸಿ ಆಕ್ರೋಶ ವ್ಯಕ್ತಪಡಿಸಿದರು.

ಪ್ರತಿಭಟನೆಯನ್ನು ಉದ್ದೇಶಿಸಿ ಮಾತನಾಡಿದ ಜಿಲ್ಲಾ ಸಂಚಾಲಕಿ ಚೈತ್ರ ಅವರು, ಸರ್ಕಾರವು ರಾಜ್ಯದಲ್ಲಿ 700 ಕೆ.ಪಿ.ಎಸ್.-ಮಾಗ್ನೆಟ್ ಶಾಲೆಗಳನ್ನು ಆರಂಭಿಸುವ ನಿರ್ಧಾರ ಕೈಗೊಂಡಿದ್ದು, ಮ್ಯಾಗ್ನೆಟ್ ಶಾಲೆಯ 3-5 ಕಿಮೀ ವ್ಯಾಪ್ತಿಯಲ್ಲಿರುವ ಸರ್ಕಾರಿ ಶಾಲೆಗಳನ್ನು ವಿಲೀನಗೊಳಿಸಲಾಗುತ್ತದೆ ಎಂಬುದನ್ನು ಸರ್ಕಾರಿ ಆದೇಶವೇ ಸ್ಪಷ್ಟಪಡಿಸುತ್ತದೆ ಎಂದು ಹೇಳಿದರು.

ಮುಖವಾಡದಂತೆ ಕಾಣುವ ಈ ಯೋಜನೆಯ ನಿಜ ಉದ್ದೇಶ ಗ್ರಾಮೀಣ ಮತ್ತು ಸಣ್ಣ ಶಾಲೆಗಳ ಅಸ್ತಿತ್ವವನ್ನೇ ಅಪಾಯಕ್ಕೆ ತಳ್ಳುವುದು ಎಂದು ಅವರು ಆಕ್ಷೇಪಿಸಿದರು. ರಾಜ್ಯ ಸರ್ಕಾರವು ಭವಿಷ್ಯದಲ್ಲಿ 5900 ಶಾಲೆಗಳನ್ನು ಪ್ರತಿ ಗ್ರಾಮ ಪಂಚಾಯತಿಗೆ ಒಂದರಂತೆ ಉಳಿಸಿ ಉಳಿದ ಸುಮಾರು 40,000 ಶಾಲೆಗಳನ್ನು ಮುಚ್ಚುವ ಅಪಾಯವಿದೆ ಎಂದು ಎಚ್ಚರಿಸಿದರು. ಶಿಕ್ಷಣ ಹಕ್ಕು ಕಾಯ್ದೆಯ ಆಶಯಗಳಿಗೆ ವಿರುದ್ಧವಾದ ಈ ನೀತಿಯನ್ನು ಕೈಬಿಡಬೇಕು, ಸರ್ಕಾರಿ ಶಾಲೆಗಳನ್ನು ಬಲಪಡಿಸಬೇಕು ಎಂದು ಒತ್ತಾಯಿಸಿ ಜಿಲ್ಲಾಧಿಕಾರಿಗಳ ಮೂಲಕ ಸರ್ಕಾರಕ್ಕೆ ಮನವಿ ಸಲ್ಲಿಸಿದರು. ಪ್ರತಿಭಟನೆಯಲ್ಲಿ ವಿದ್ಯಾರ್ಥಿಗಳು, ಪೋಷಕರು ಹಾಗೂ ಸಂಘಟನೆಯ ಕಾರ್ಯಕರ್ತರು ಭಾಗವಹಿಸಿದ್ದರು.
